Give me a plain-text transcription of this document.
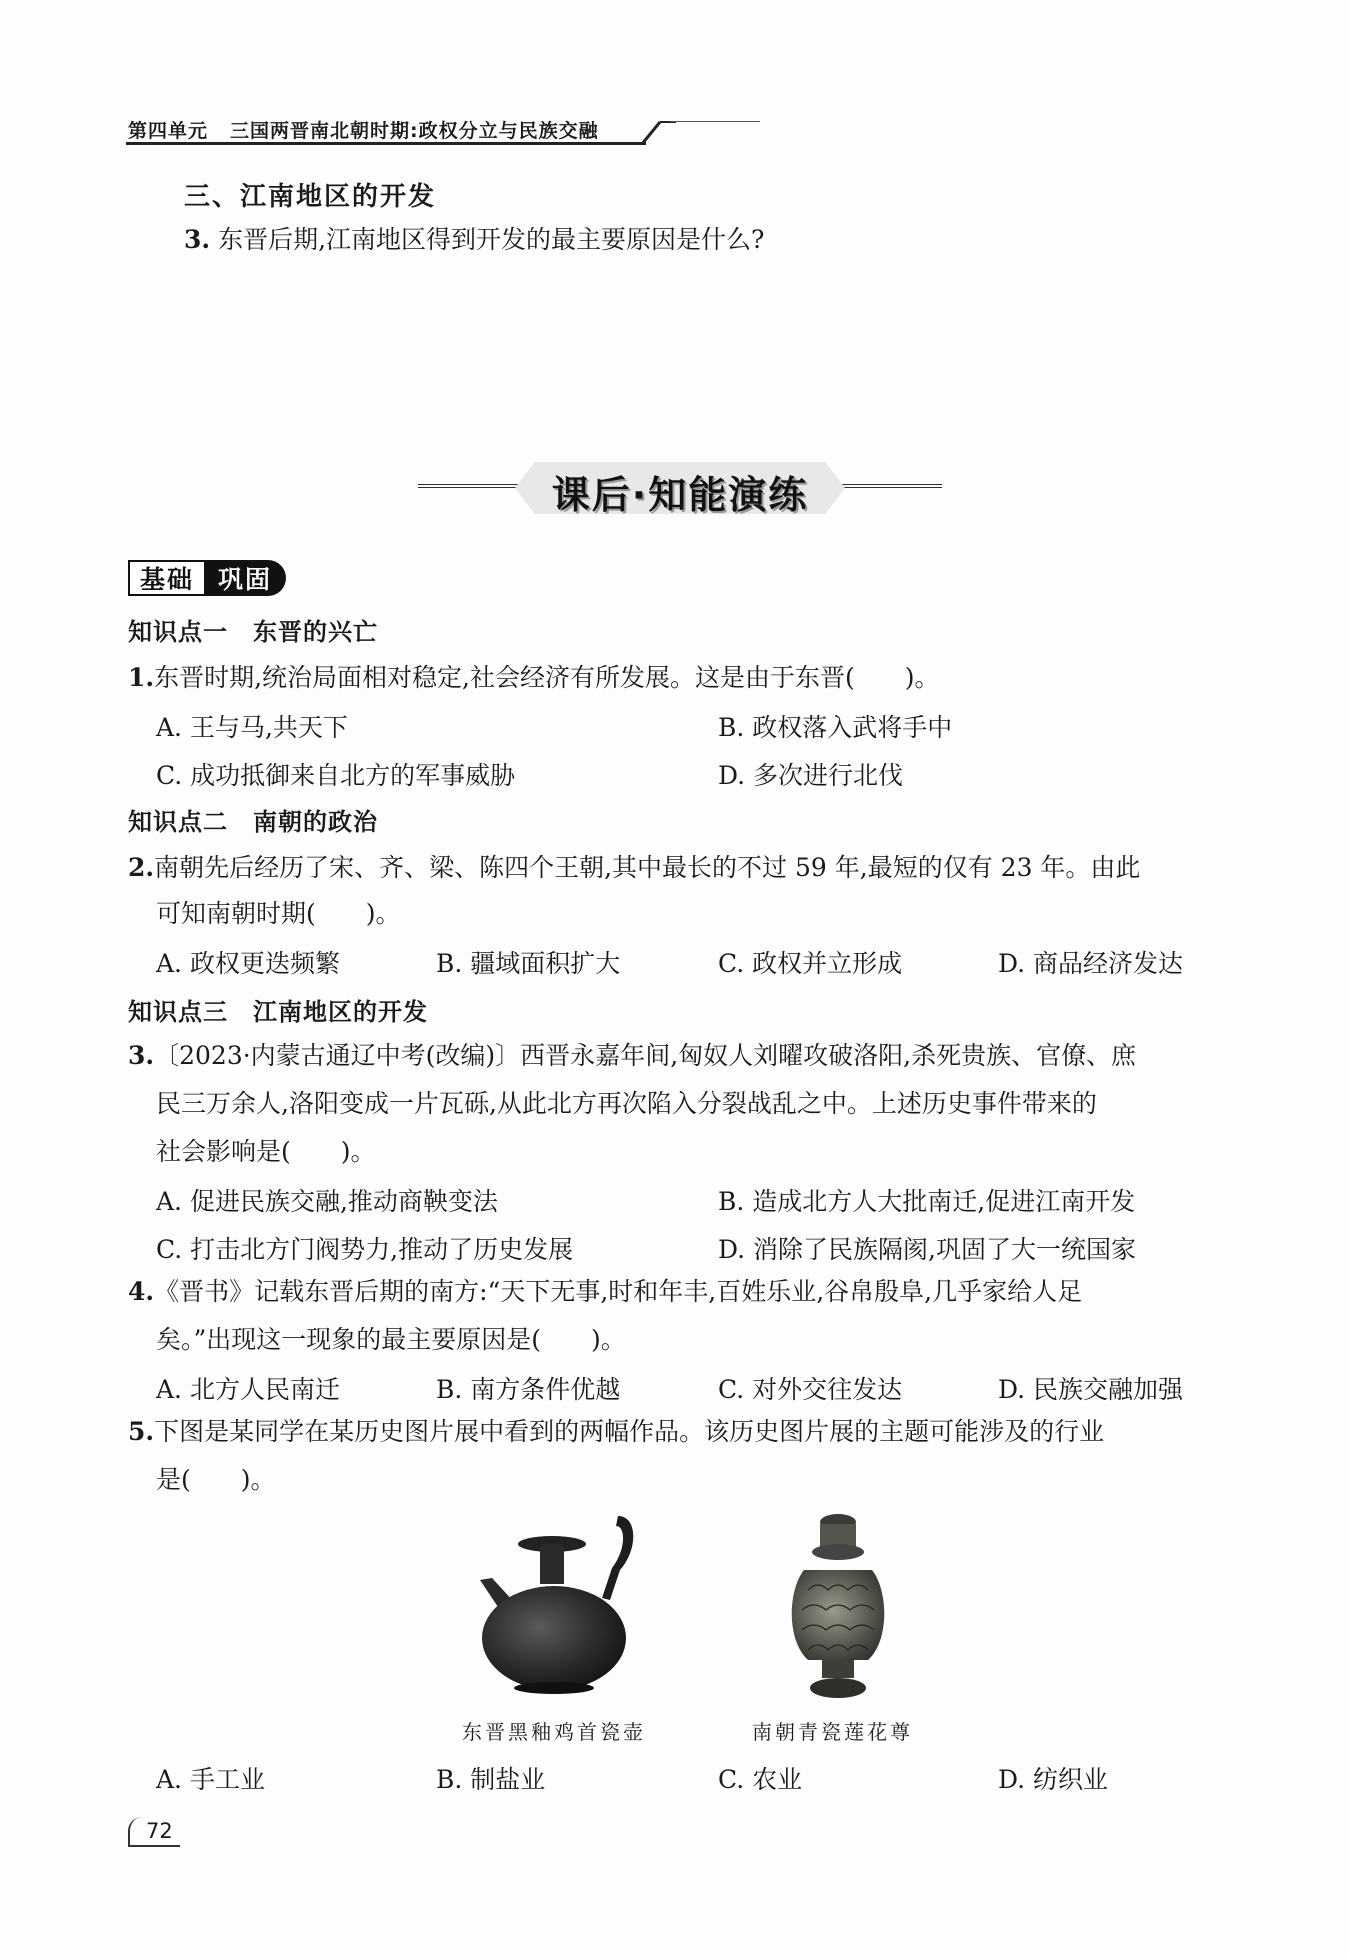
第四单元 三国两晋南北朝时期:政权分立与民族交融
三、江南地区的开发
3. 东晋后期,江南地区得到开发的最主要原因是什么?
课后·知能演练
基础 巩固
知识点一　东晋的兴亡
1.东晋时期,统治局面相对稳定,社会经济有所发展。这是由于东晋(　　)。
A. 王与马,共天下	B. 政权落入武将手中
C. 成功抵御来自北方的军事威胁	D. 多次进行北伐
知识点二　南朝的政治
2.南朝先后经历了宋、齐、梁、陈四个王朝,其中最长的不过 59 年,最短的仅有 23 年。由此
可知南朝时期(　　)。
A. 政权更迭频繁	B. 疆域面积扩大	C. 政权并立形成	D. 商品经济发达
知识点三　江南地区的开发
3.〔2023·内蒙古通辽中考(改编)〕西晋永嘉年间,匈奴人刘曜攻破洛阳,杀死贵族、官僚、庶
民三万余人,洛阳变成一片瓦砾,从此北方再次陷入分裂战乱之中。上述历史事件带来的
社会影响是(　　)。
A. 促进民族交融,推动商鞅变法	B. 造成北方人大批南迁,促进江南开发
C. 打击北方门阀势力,推动了历史发展	D. 消除了民族隔阂,巩固了大一统国家
4.《晋书》记载东晋后期的南方:“天下无事,时和年丰,百姓乐业,谷帛殷阜,几乎家给人足
矣。”出现这一现象的最主要原因是(　　)。
A. 北方人民南迁	B. 南方条件优越	C. 对外交往发达	D. 民族交融加强
5.下图是某同学在某历史图片展中看到的两幅作品。该历史图片展的主题可能涉及的行业
是(　　)。
东晋黑釉鸡首瓷壶	南朝青瓷莲花尊
A. 手工业	B. 制盐业	C. 农业	D. 纺织业
72
